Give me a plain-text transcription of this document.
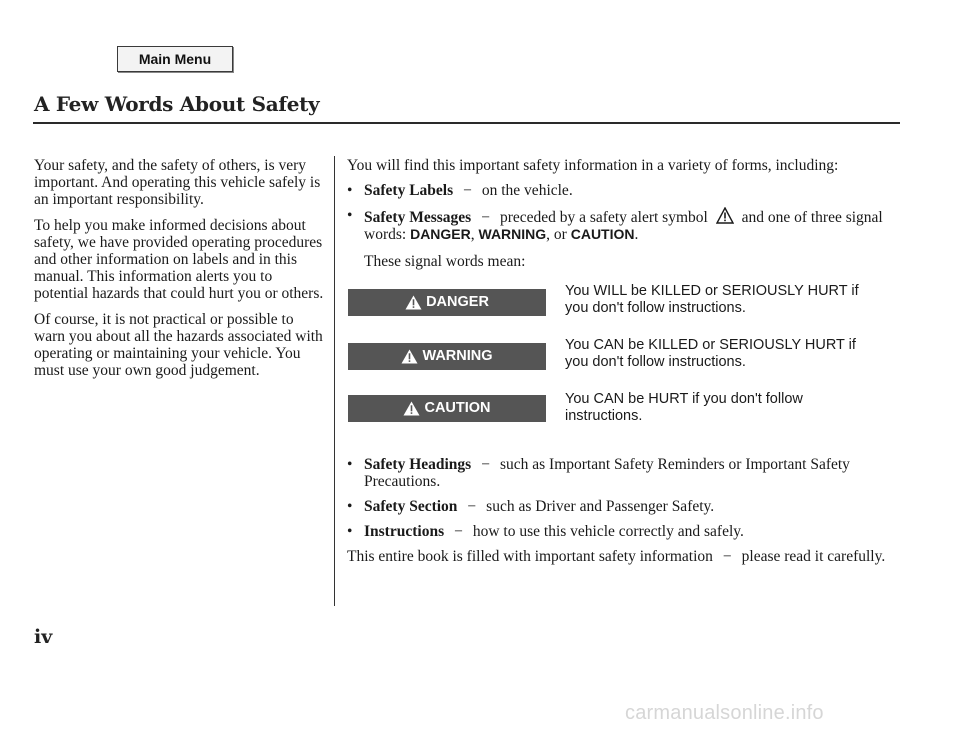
Main Menu
A Few Words About Safety

Your safety, and the safety of others, is very important. And operating this vehicle safely is an important responsibility.

To help you make informed decisions about safety, we have provided operating procedures and other information on labels and in this manual. This information alerts you to potential hazards that could hurt you or others.

Of course, it is not practical or possible to warn you about all the hazards associated with operating or maintaining your vehicle. You must use your own good judgement.

You will find this important safety information in a variety of forms, including:

• Safety Labels − on the vehicle.
• Safety Messages − preceded by a safety alert symbol and one of three signal words: DANGER, WARNING, or CAUTION.

These signal words mean:

DANGER
You WILL be KILLED or SERIOUSLY HURT if you don't follow instructions.
WARNING
You CAN be KILLED or SERIOUSLY HURT if you don't follow instructions.
CAUTION
You CAN be HURT if you don't follow instructions.
• Safety Headings − such as Important Safety Reminders or Important Safety Precautions.
• Safety Section − such as Driver and Passenger Safety.
• Instructions − how to use this vehicle correctly and safely.

This entire book is filled with important safety information − please read it carefully.

iv
carmanualsonline.info
